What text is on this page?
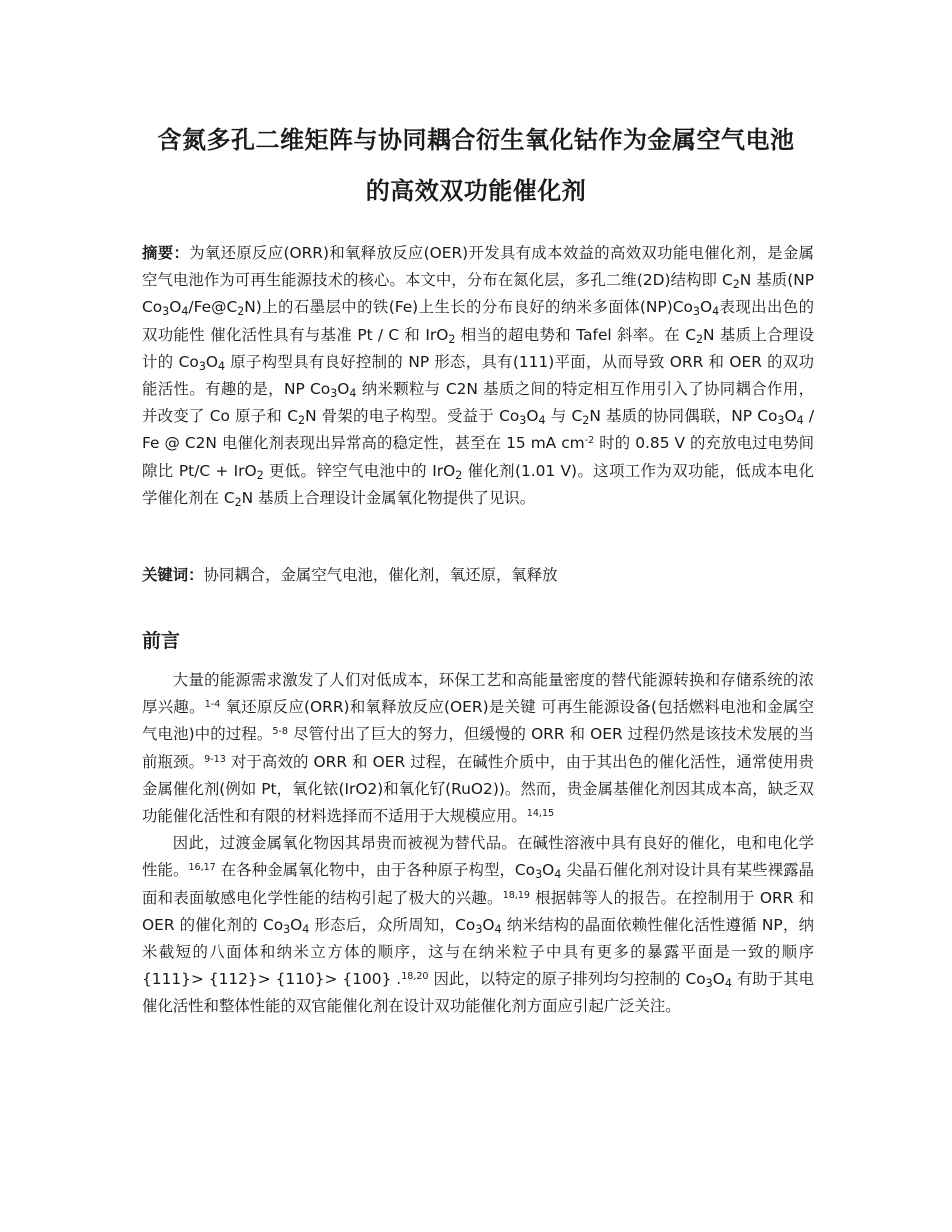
含氮多孔二维矩阵与协同耦合衍生氧化钴作为金属空气电池
的高效双功能催化剂

摘要：为氧还原反应(ORR)和氧释放反应(OER)开发具有成本效益的高效双功能电催化剂，是金属空气电池作为可再生能源技术的核心。本文中，分布在氮化层，多孔二维(2D)结构即 $C_2N$ 基质(NP $Co_3O_4/Fe@C_2N$)上的石墨层中的铁(Fe)上生长的分布良好的纳米多面体$(NP)Co_3O_4$表现出出色的双功能性 催化活性具有与基准 Pt / C 和 IrO$_2$ 相当的超电势和 Tafel 斜率。在 $C_2N$ 基质上合理设计的 $Co_3O_4$ 原子构型具有良好控制的 NP 形态，具有(111)平面，从而导致 ORR 和 OER 的双功能活性。有趣的是，NP $Co_3O_4$ 纳米颗粒与 C2N 基质之间的特定相互作用引入了协同耦合作用，并改变了 Co 原子和 $C_2N$ 骨架的电子构型。受益于 $Co_3O_4$ 与 $C_2N$ 基质的协同偶联，NP $Co_3O_4$ / Fe @ C2N 电催化剂表现出异常高的稳定性，甚至在 15 mA $cm^{-2}$ 时的 0.85 V 的充放电过电势间隙比 Pt/C + IrO$_2$ 更低。锌空气电池中的 IrO$_2$ 催化剂(1.01 V)。这项工作为双功能，低成本电化学催化剂在 $C_2N$ 基质上合理设计金属氧化物提供了见识。

关键词：协同耦合，金属空气电池，催化剂，氧还原，氧释放

前言

大量的能源需求激发了人们对低成本，环保工艺和高能量密度的替代能源转换和存储系统的浓厚兴趣。$^{1-4}$ 氧还原反应(ORR)和氧释放反应(OER)是关键 可再生能源设备(包括燃料电池和金属空气电池)中的过程。$^{5-8}$ 尽管付出了巨大的努力，但缓慢的 ORR 和 OER 过程仍然是该技术发展的当前瓶颈。$^{9-13}$ 对于高效的 ORR 和 OER 过程，在碱性介质中，由于其出色的催化活性，通常使用贵金属催化剂(例如 Pt，氧化铱(IrO2)和氧化钌(RuO2))。然而，贵金属基催化剂因其成本高，缺乏双功能催化活性和有限的材料选择而不适用于大规模应用。$^{14,15}$

因此，过渡金属氧化物因其昂贵而被视为替代品。在碱性溶液中具有良好的催化，电和电化学性能。$^{16,17}$ 在各种金属氧化物中，由于各种原子构型，$Co_3O_4$ 尖晶石催化剂对设计具有某些裸露晶面和表面敏感电化学性能的结构引起了极大的兴趣。$^{18,19}$ 根据韩等人的报告。在控制用于 ORR 和 OER 的催化剂的 $Co_3O_4$ 形态后，众所周知，$Co_3O_4$ 纳米结构的晶面依赖性催化活性遵循 NP，纳米截短的八面体和纳米立方体的顺序，这与在纳米粒子中具有更多的暴露平面是一致的顺序{111}> {112}> {110}> {100} .$^{18,20}$ 因此，以特定的原子排列均匀控制的 $Co_3O_4$ 有助于其电催化活性和整体性能的双官能催化剂在设计双功能催化剂方面应引起广泛关注。
